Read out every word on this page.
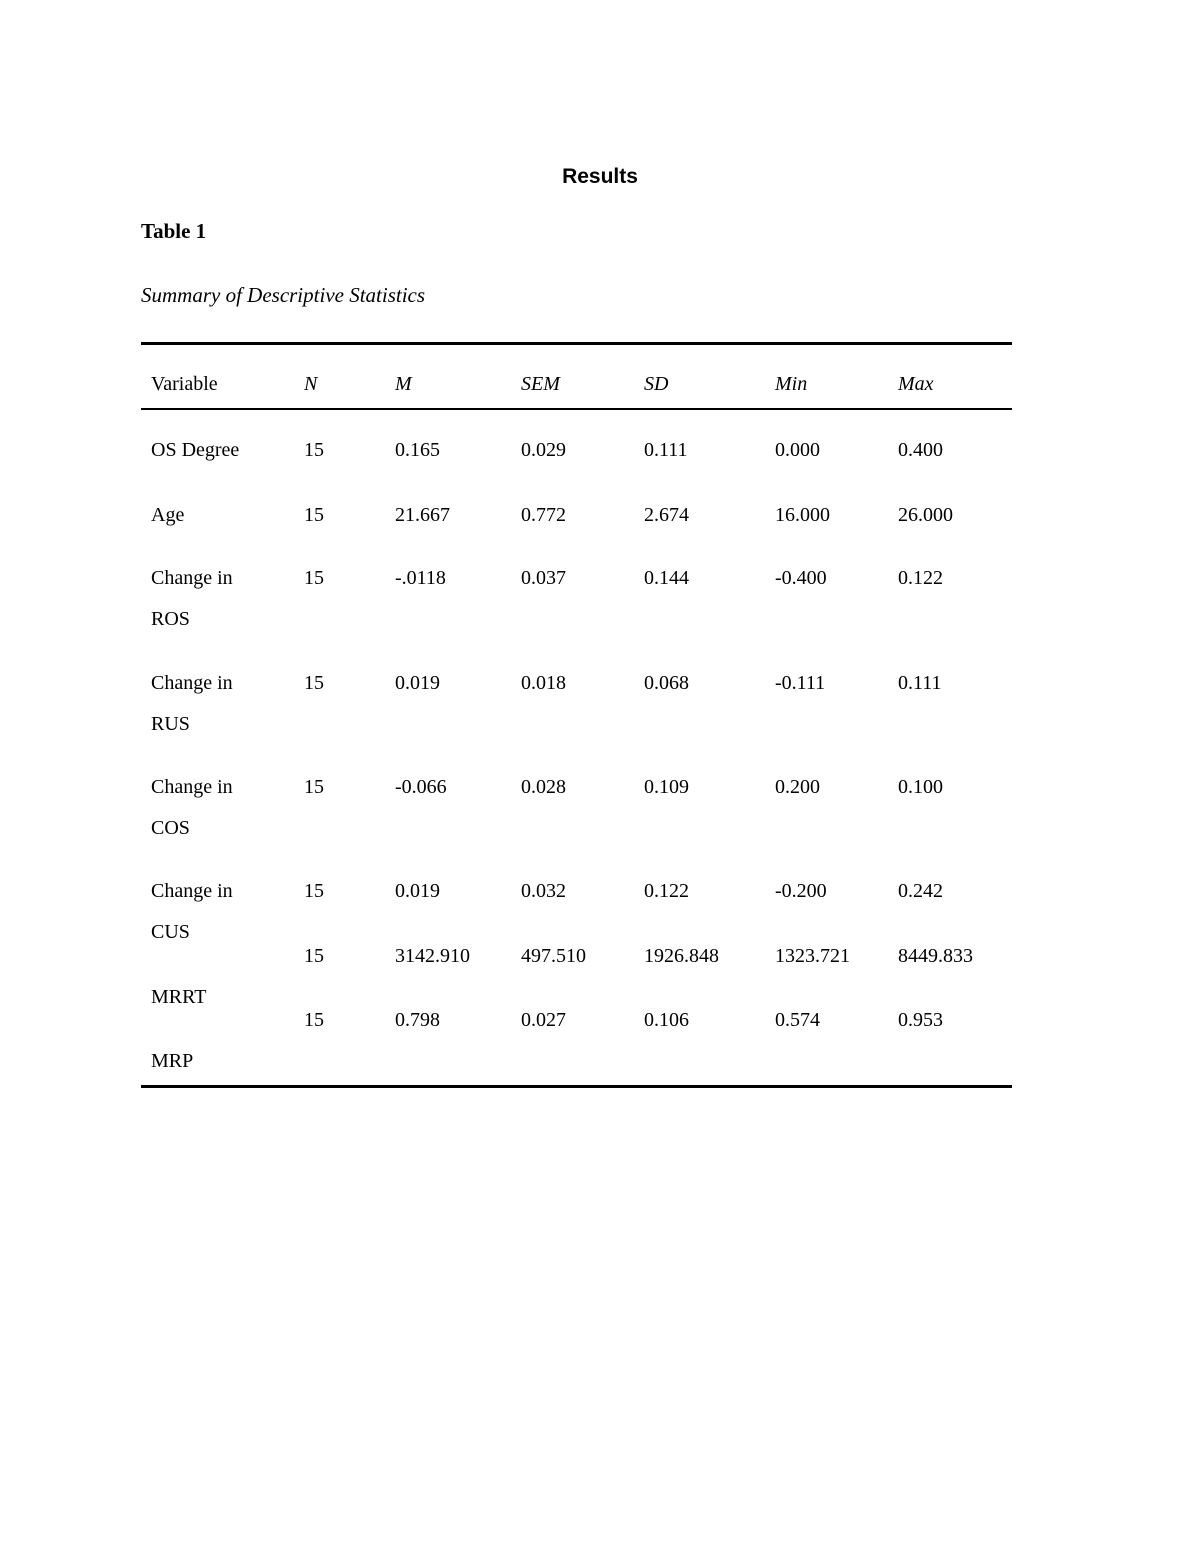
Results
Table 1
Summary of Descriptive Statistics
Variable	N	M	SEM	SD	Min	Max
OS Degree	15	0.165	0.029	0.111	0.000	0.400
Age	15	21.667	0.772	2.674	16.000	26.000
Change in
ROS
15	-.0118	0.037	0.144	-0.400	0.122
Change in
RUS
15	0.019	0.018	0.068	-0.111	0.111
Change in
COS
15	-0.066	0.028	0.109	0.200	0.100
Change in
CUS
15	0.019	0.032	0.122	-0.200	0.242
MRRT
15	3142.910	497.510	1926.848	1323.721 8449.833
MRP
15	0.798	0.027	0.106	0.574	0.953
